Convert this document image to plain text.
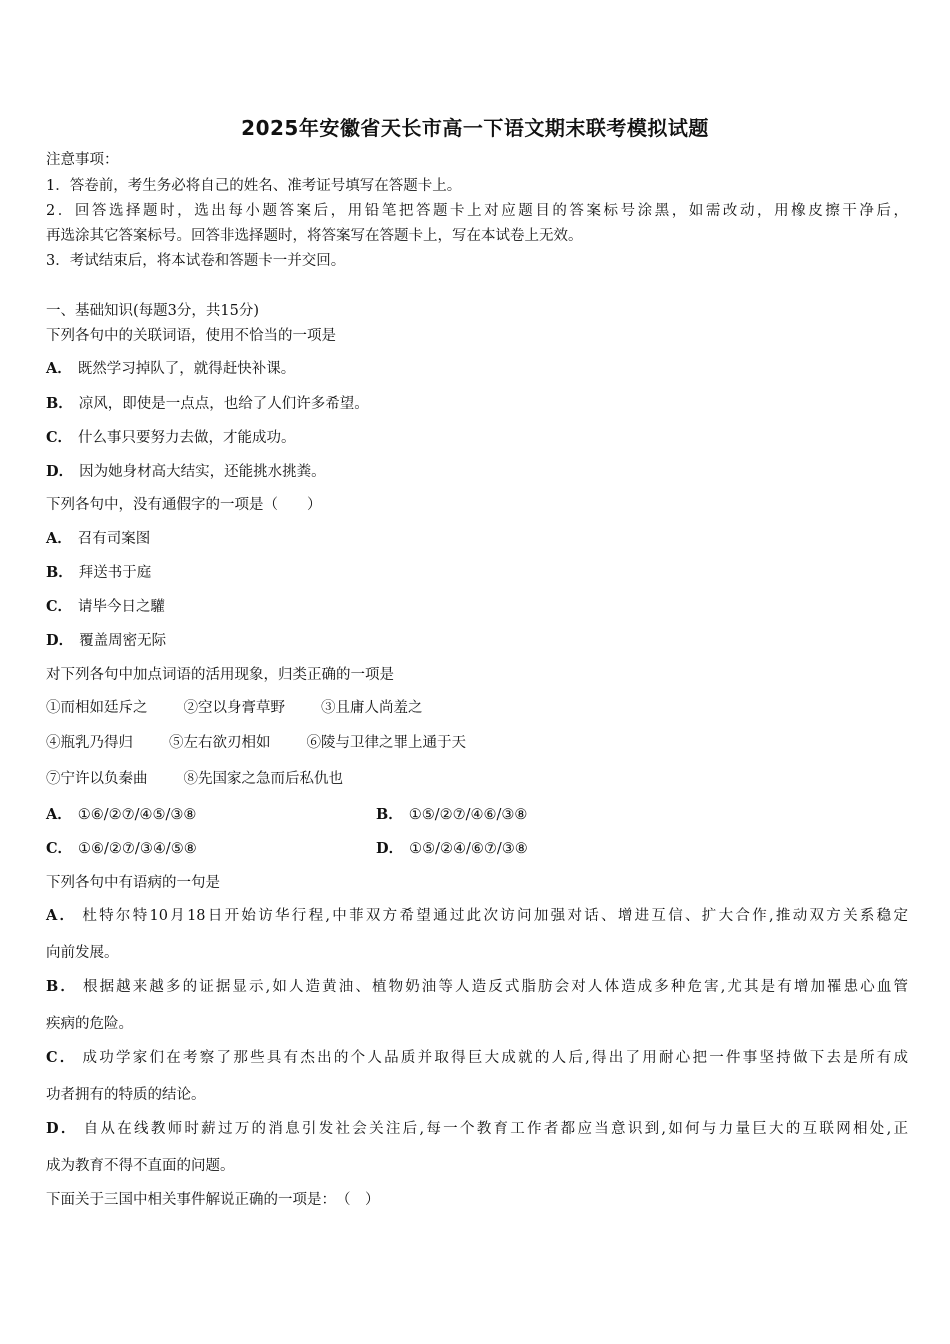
2025年安徽省天长市高一下语文期末联考模拟试题
注意事项：
1．答卷前，考生务必将自己的姓名、准考证号填写在答题卡上。
2．回答选择题时，选出每小题答案后，用铅笔把答题卡上对应题目的答案标号涂黑，如需改动，用橡皮擦干净后，
再选涂其它答案标号。回答非选择题时，将答案写在答题卡上，写在本试卷上无效。
3．考试结束后，将本试卷和答题卡一并交回。
一、基础知识(每题3分，共15分)
下列各句中的关联词语，使用不恰当的一项是
A． 既然学习掉队了，就得赶快补课。
B． 凉风，即使是一点点，也给了人们许多希望。
C． 什么事只要努力去做，才能成功。
D． 因为她身材高大结实，还能挑水挑粪。
下列各句中，没有通假字的一项是（　　）
A． 召有司案图
B． 拜送书于庭
C． 请毕今日之驩
D． 覆盖周密无际
对下列各句中加点词语的活用现象，归类正确的一项是
①而相如廷斥之 ②空以身膏草野 ③且庸人尚羞之
④瓶乳乃得归 ⑤左右欲刃相如 ⑥陵与卫律之罪上通于天
⑦宁许以负秦曲 ⑧先国家之急而后私仇也
A． ①⑥/②⑦/④⑤/③⑧	B． ①⑤/②⑦/④⑥/③⑧
C． ①⑥/②⑦/③④/⑤⑧	D． ①⑤/②④/⑥⑦/③⑧
下列各句中有语病的一句是
A． 杜特尔特10月18日开始访华行程,中菲双方希望通过此次访问加强对话、增进互信、扩大合作,推动双方关系稳定
向前发展。
B． 根据越来越多的证据显示,如人造黄油、植物奶油等人造反式脂肪会对人体造成多种危害,尤其是有增加罹患心血管
疾病的危险。
C． 成功学家们在考察了那些具有杰出的个人品质并取得巨大成就的人后,得出了用耐心把一件事坚持做下去是所有成
功者拥有的特质的结论。
D． 自从在线教师时薪过万的消息引发社会关注后,每一个教育工作者都应当意识到,如何与力量巨大的互联网相处,正
成为教育不得不直面的问题。
下面关于三国中相关事件解说正确的一项是：　（　）
